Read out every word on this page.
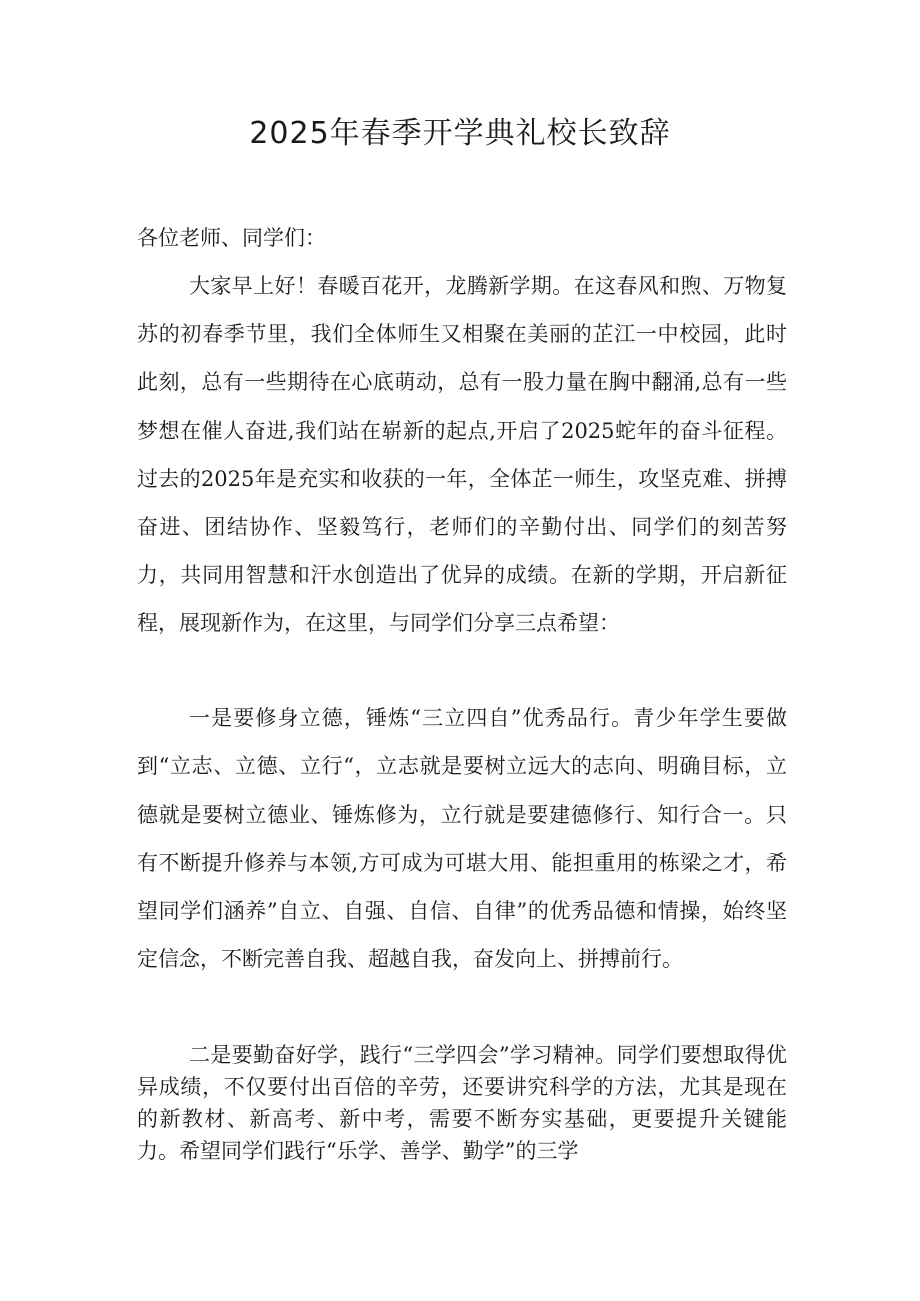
2025年春季开学典礼校长致辞

各位老师、同学们：

大家早上好！春暖百花开，龙腾新学期。在这春风和煦、万物复苏的初春季节里，我们全体师生又相聚在美丽的芷江一中校园，此时此刻，总有一些期待在心底萌动，总有一股力量在胸中翻涌,总有一些梦想在催人奋进,我们站在崭新的起点,开启了2025蛇年的奋斗征程。过去的2025年是充实和收获的一年，全体芷一师生，攻坚克难、拼搏奋进、团结协作、坚毅笃行，老师们的辛勤付出、同学们的刻苦努力，共同用智慧和汗水创造出了优异的成绩。在新的学期，开启新征程，展现新作为，在这里，与同学们分享三点希望：

一是要修身立德，锤炼“三立四自”优秀品行。青少年学生要做到“立志、立德、立行“，立志就是要树立远大的志向、明确目标，立德就是要树立德业、锤炼修为，立行就是要建德修行、知行合一。只有不断提升修养与本领,方可成为可堪大用、能担重用的栋梁之才，希望同学们涵养”自立、自强、自信、自律”的优秀品德和情操，始终坚定信念，不断完善自我、超越自我，奋发向上、拼搏前行。

二是要勤奋好学，践行“三学四会”学习精神。同学们要想取得优异成绩，不仅要付出百倍的辛劳，还要讲究科学的方法，尤其是现在的新教材、新高考、新中考，需要不断夯实基础，更要提升关键能力。希望同学们践行“乐学、善学、勤学”的三学
